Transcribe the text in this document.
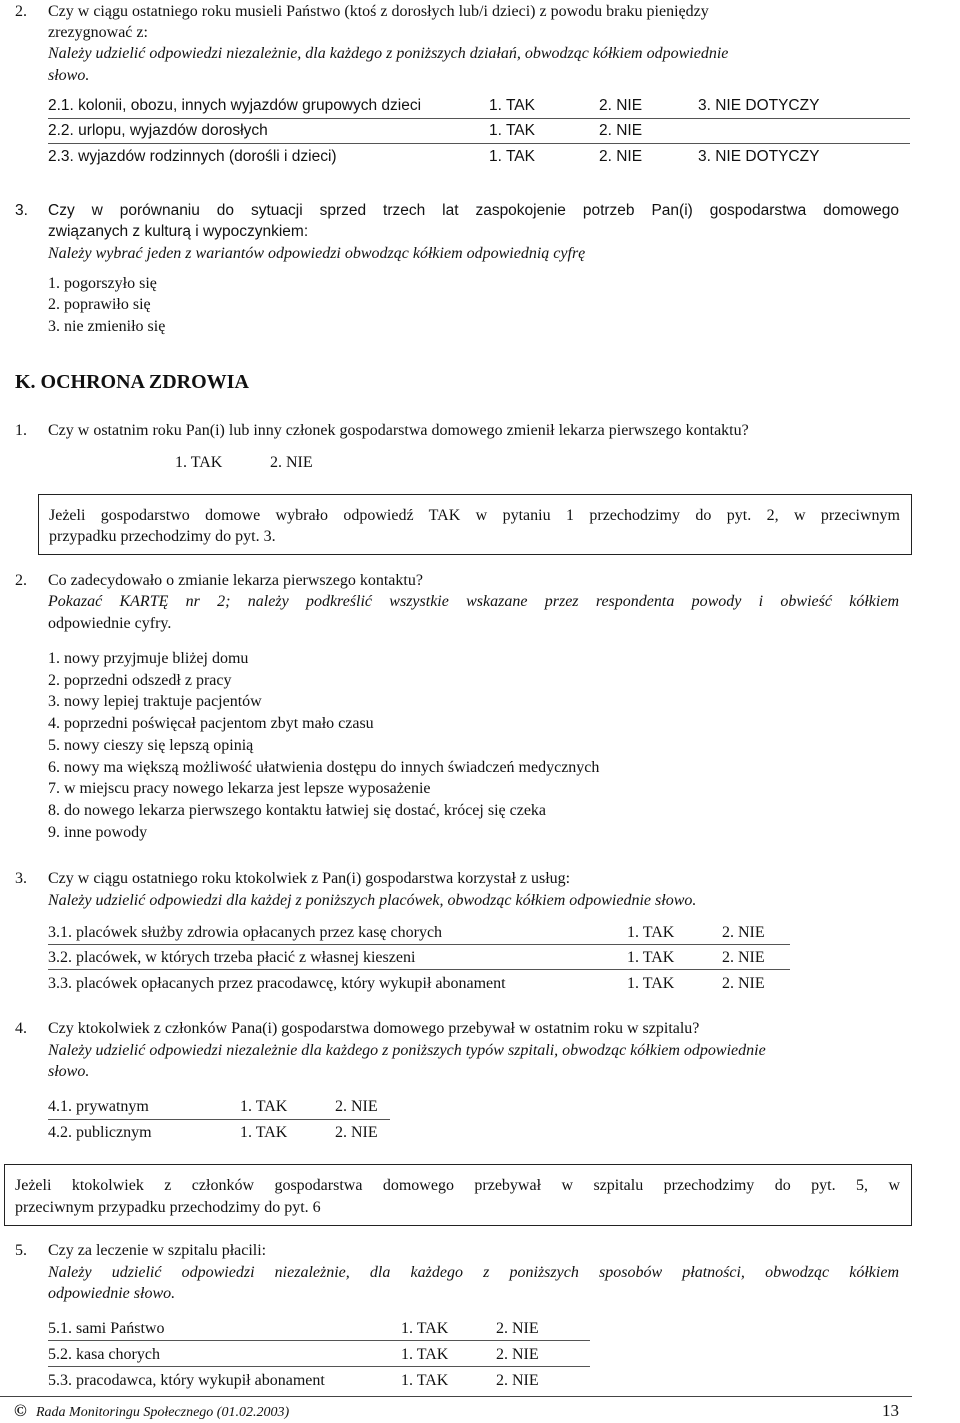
2. Czy w ciągu ostatniego roku musieli Państwo (ktoś z dorosłych lub/i dzieci) z powodu braku pieniędzy
zrezygnować z:
Należy udzielić odpowiedzi niezależnie, dla każdego z poniższych działań, obwodząc kółkiem odpowiednie
słowo.
2.1. kolonii, obozu, innych wyjazdów grupowych dzieci	1. TAK	2. NIE	3. NIE DOTYCZY
2.2. urlopu, wyjazdów dorosłych	1. TAK	2. NIE
2.3. wyjazdów rodzinnych (dorośli i dzieci)	1. TAK	2. NIE	3. NIE DOTYCZY
3. Czy w porównaniu do sytuacji sprzed trzech lat zaspokojenie potrzeb Pan(i) gospodarstwa domowego
związanych z kulturą i wypoczynkiem:
Należy wybrać jeden z wariantów odpowiedzi obwodząc kółkiem odpowiednią cyfrę
1. pogorszyło się
2. poprawiło się
3. nie zmieniło się
K. OCHRONA ZDROWIA
1. Czy w ostatnim roku Pan(i) lub inny członek gospodarstwa domowego zmienił lekarza pierwszego kontaktu?
1. TAK	2. NIE
Jeżeli gospodarstwo domowe wybrało odpowiedź TAK w pytaniu 1 przechodzimy do pyt. 2, w przeciwnym
przypadku przechodzimy do pyt. 3.
2. Co zadecydowało o zmianie lekarza pierwszego kontaktu?
Pokazać KARTĘ nr 2; należy podkreślić wszystkie wskazane przez respondenta powody i obwieść kółkiem
odpowiednie cyfry.
1. nowy przyjmuje bliżej domu
2. poprzedni odszedł z pracy
3. nowy lepiej traktuje pacjentów
4. poprzedni poświęcał pacjentom zbyt mało czasu
5. nowy cieszy się lepszą opinią
6. nowy ma większą możliwość ułatwienia dostępu do innych świadczeń medycznych
7. w miejscu pracy nowego lekarza jest lepsze wyposażenie
8. do nowego lekarza pierwszego kontaktu łatwiej się dostać, krócej się czeka
9. inne powody
3. Czy w ciągu ostatniego roku ktokolwiek z Pan(i) gospodarstwa korzystał z usług:
Należy udzielić odpowiedzi dla każdej z poniższych placówek, obwodząc kółkiem odpowiednie słowo.
3.1. placówek służby zdrowia opłacanych przez kasę chorych	1. TAK	2. NIE
3.2. placówek, w których trzeba płacić z własnej kieszeni	1. TAK	2. NIE
3.3. placówek opłacanych przez pracodawcę, który wykupił abonament	1. TAK	2. NIE
4. Czy ktokolwiek z członków Pana(i) gospodarstwa domowego przebywał w ostatnim roku w szpitalu?
Należy udzielić odpowiedzi niezależnie dla każdego z poniższych typów szpitali, obwodząc kółkiem odpowiednie
słowo.
4.1. prywatnym	1. TAK	2. NIE
4.2. publicznym	1. TAK	2. NIE
Jeżeli ktokolwiek z członków gospodarstwa domowego przebywał w szpitalu przechodzimy do pyt. 5, w
przeciwnym przypadku przechodzimy do pyt. 6
5. Czy za leczenie w szpitalu płacili:
Należy udzielić odpowiedzi niezależnie, dla każdego z poniższych sposobów płatności, obwodząc kółkiem
odpowiednie słowo.
5.1. sami Państwo	1. TAK	2. NIE
5.2. kasa chorych	1. TAK	2. NIE
5.3. pracodawca, który wykupił abonament	1. TAK	2. NIE
© Rada Monitoringu Społecznego (01.02.2003)	13
